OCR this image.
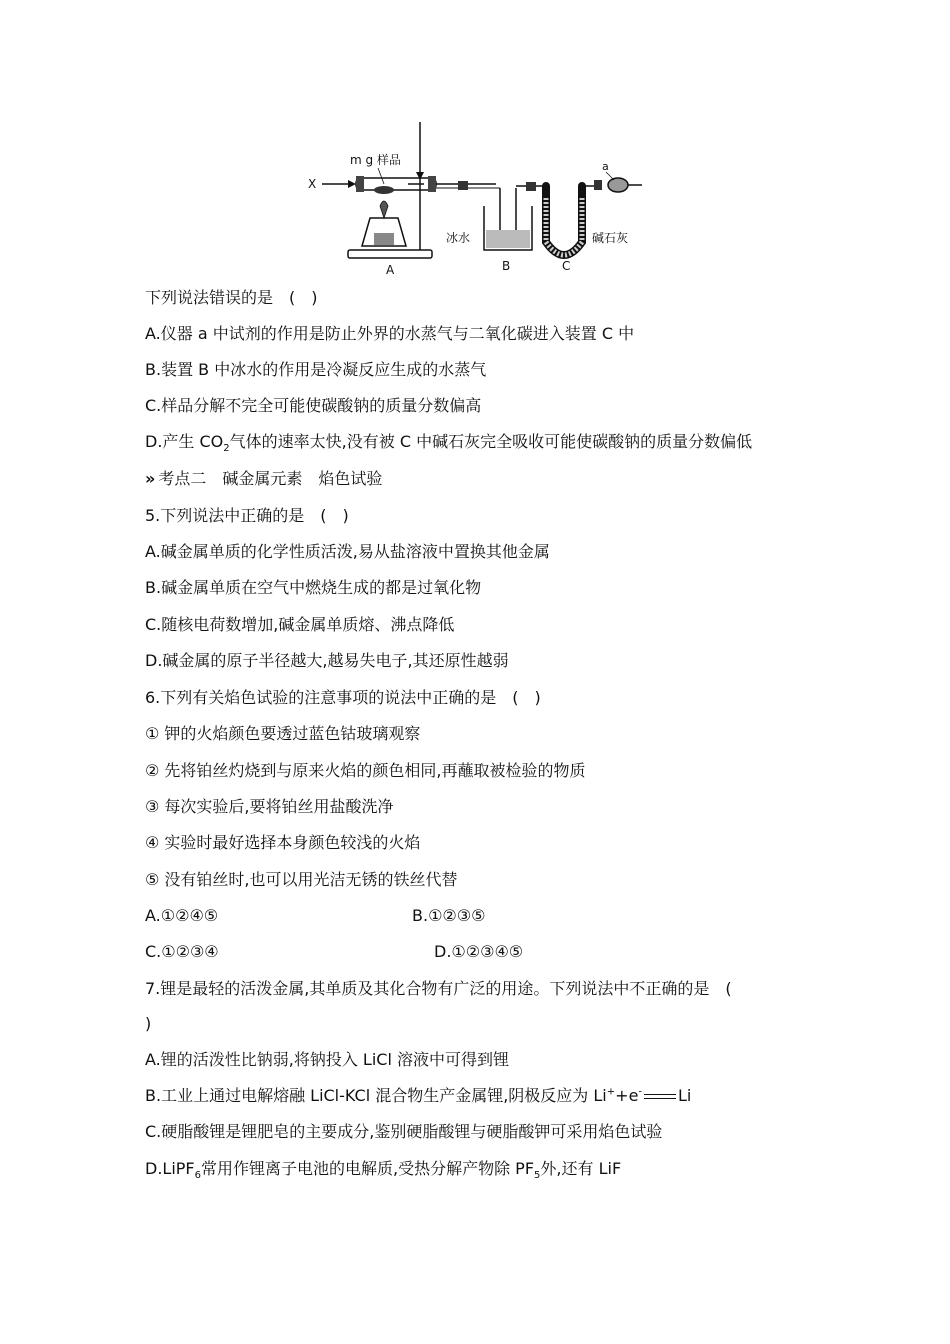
X
m g 样品
A
冰水
B
碱石灰
C
a
下列说法错误的是　(　)
A.仪器 a 中试剂的作用是防止外界的水蒸气与二氧化碳进入装置 C 中
B.装置 B 中冰水的作用是冷凝反应生成的水蒸气
C.样品分解不完全可能使碳酸钠的质量分数偏高
D.产生 $CO_2$气体的速率太快,没有被 C 中碱石灰完全吸收可能使碳酸钠的质量分数偏低
» 考点二　碱金属元素　焰色试验
5.下列说法中正确的是　(　)
A.碱金属单质的化学性质活泼,易从盐溶液中置换其他金属
B.碱金属单质在空气中燃烧生成的都是过氧化物
C.随核电荷数增加,碱金属单质熔、沸点降低
D.碱金属的原子半径越大,越易失电子,其还原性越弱
6.下列有关焰色试验的注意事项的说法中正确的是　(　)
① 钾的火焰颜色要透过蓝色钴玻璃观察
② 先将铂丝灼烧到与原来火焰的颜色相同,再蘸取被检验的物质
③ 每次实验后,要将铂丝用盐酸洗净
④ 实验时最好选择本身颜色较浅的火焰
⑤ 没有铂丝时,也可以用光洁无锈的铁丝代替
A.①②④⑤	B.①②③⑤
C.①②③④	D.①②③④⑤
7.锂是最轻的活泼金属,其单质及其化合物有广泛的用途。下列说法中不正确的是　(
)
A.锂的活泼性比钠弱,将钠投入 LiCl 溶液中可得到锂
B.工业上通过电解熔融 LiCl-KCl 混合物生产金属锂,阴极反应为 Li++e- Li
C.硬脂酸锂是锂肥皂的主要成分,鉴别硬脂酸锂与硬脂酸钾可采用焰色试验
D.LiPF$_6$常用作锂离子电池的电解质,受热分解产物除 $PF_5$外,还有 LiF
